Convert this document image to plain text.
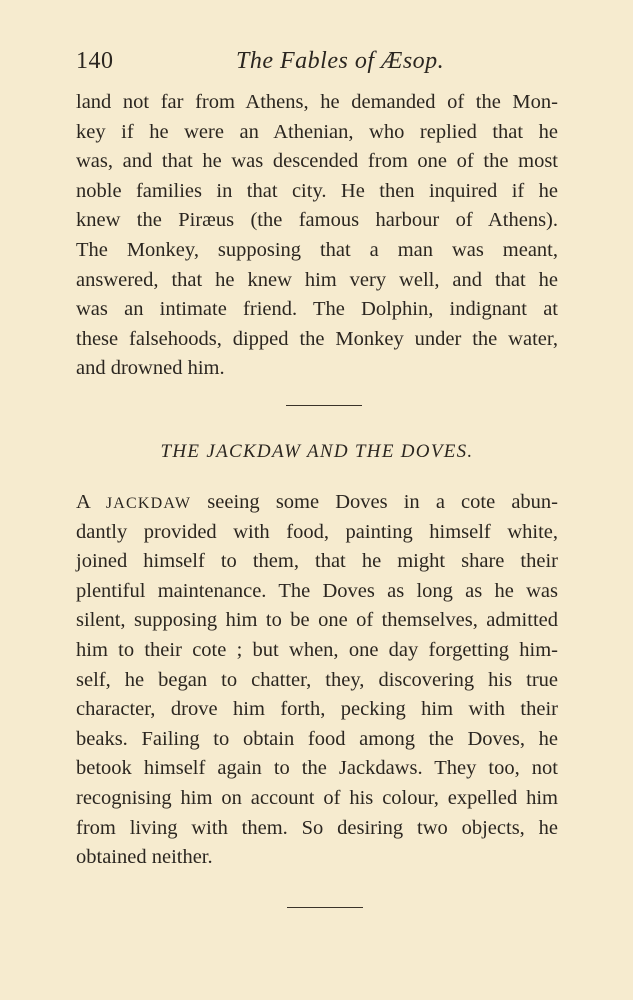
140	The Fables of Æsop.
land not far from Athens, he demanded of the Mon-
key if he were an Athenian, who replied that he
was, and that he was descended from one of the most
noble families in that city. He then inquired if he
knew the Piræus (the famous harbour of Athens).
The Monkey, supposing that a man was meant,
answered, that he knew him very well, and that he
was an intimate friend. The Dolphin, indignant at
these falsehoods, dipped the Monkey under the water,
and drowned him.
THE JACKDAW AND THE DOVES.
A JACKDAW seeing some Doves in a cote abun-
dantly provided with food, painting himself white,
joined himself to them, that he might share their
plentiful maintenance. The Doves as long as he was
silent, supposing him to be one of themselves, admitted
him to their cote ; but when, one day forgetting him-
self, he began to chatter, they, discovering his true
character, drove him forth, pecking him with their
beaks. Failing to obtain food among the Doves, he
betook himself again to the Jackdaws. They too, not
recognising him on account of his colour, expelled him
from living with them. So desiring two objects, he
obtained neither.
